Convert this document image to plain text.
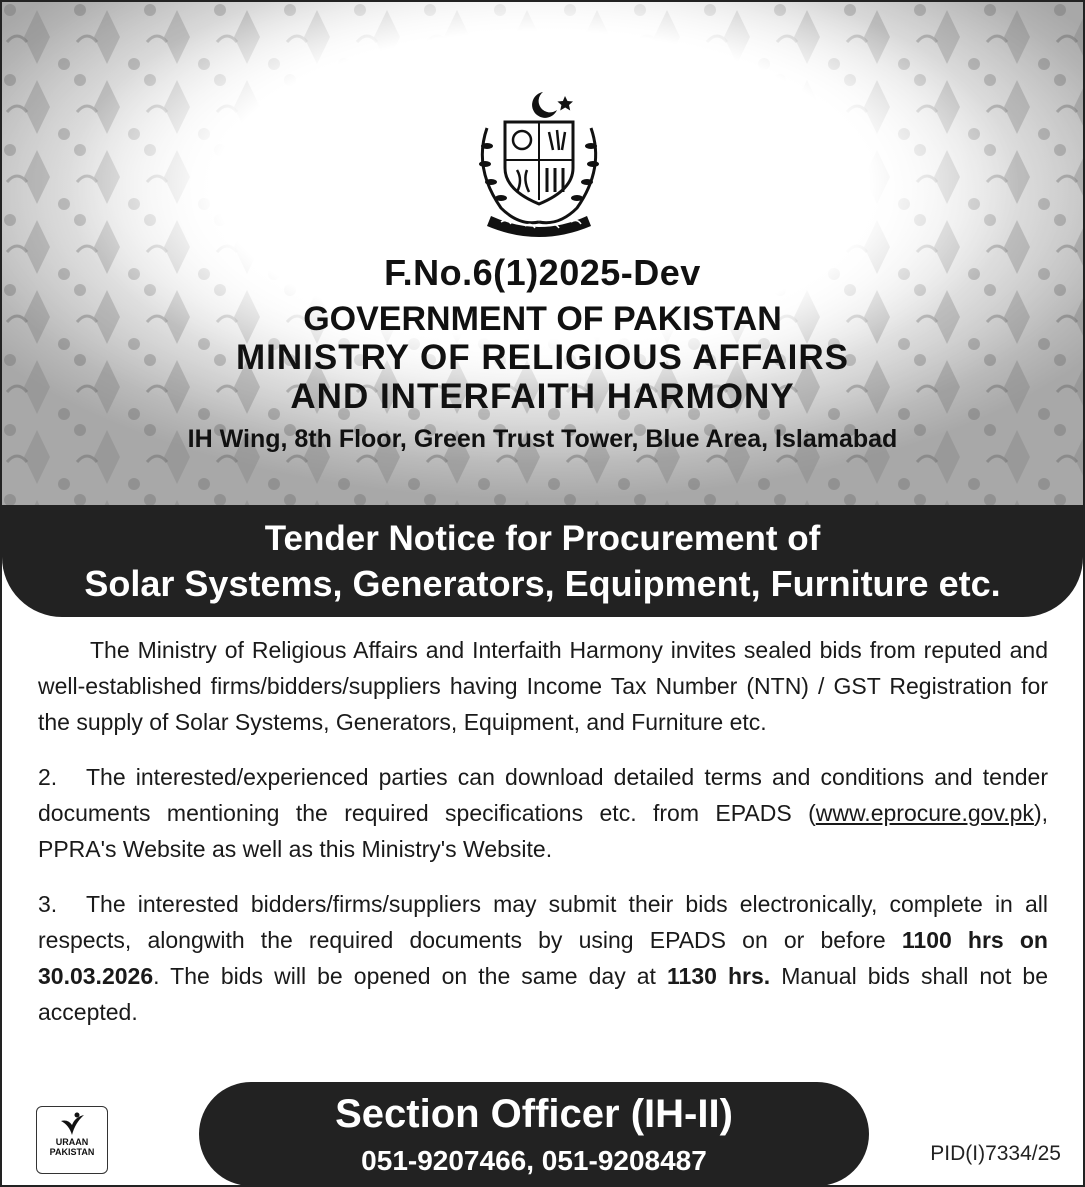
F.No.6(1)2025-Dev
GOVERNMENT OF PAKISTAN
MINISTRY OF RELIGIOUS AFFAIRS
AND INTERFAITH HARMONY
IH Wing, 8th Floor, Green Trust Tower, Blue Area, Islamabad
Tender Notice for Procurement of
Solar Systems, Generators, Equipment, Furniture etc.

The Ministry of Religious Affairs and Interfaith Harmony invites sealed bids from reputed and well-established firms/bidders/suppliers having Income Tax Number (NTN) / GST Registration for the supply of Solar Systems, Generators, Equipment, and Furniture etc.

2. The interested/experienced parties can download detailed terms and conditions and tender documents mentioning the required specifications etc. from EPADS (www.eprocure.gov.pk), PPRA's Website as well as this Ministry's Website.

3. The interested bidders/firms/suppliers may submit their bids electronically, complete in all respects, alongwith the required documents by using EPADS on or before 1100 hrs on 30.03.2026. The bids will be opened on the same day at 1130 hrs. Manual bids shall not be accepted.

URAAN
PAKISTAN
Section Officer (IH-II)
051-9207466, 051-9208487	PID(I)7334/25
